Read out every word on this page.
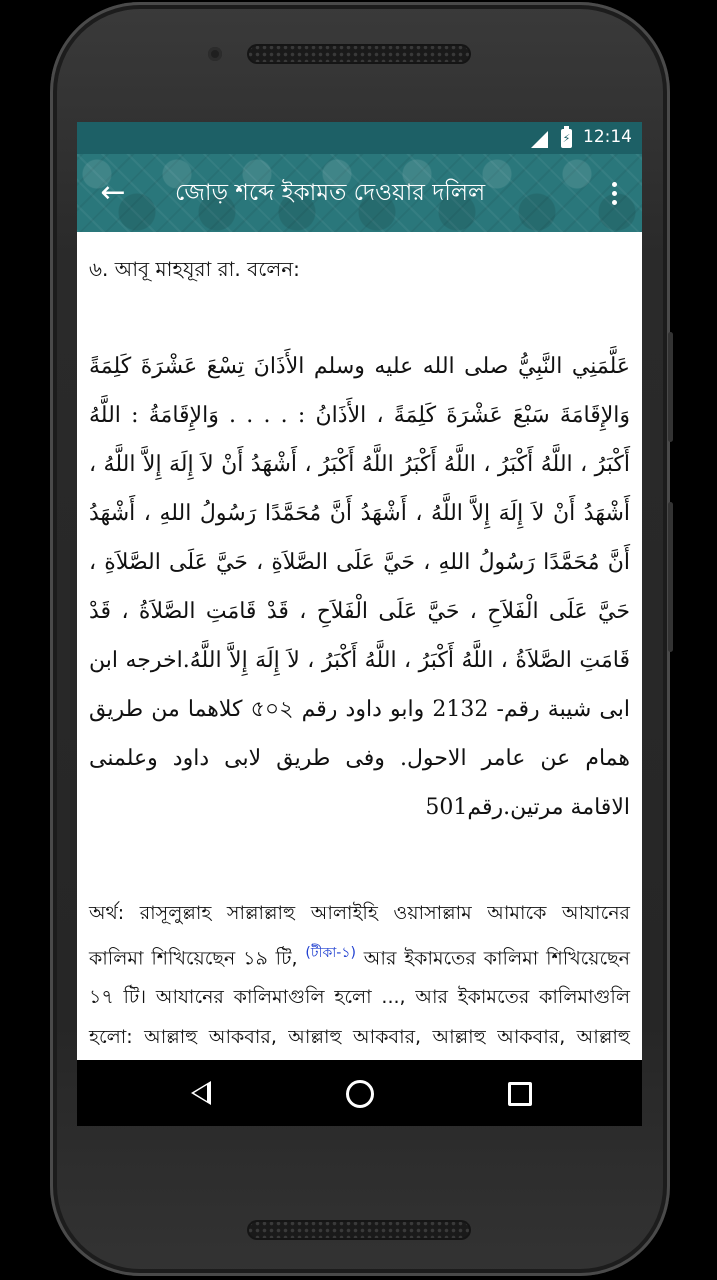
⚡
12:14
←	জোড় শব্দে ইকামত দেওয়ার দলিল
৬. আবূ মাহযূরা রা. বলেন:
عَلَّمَنِي النَّبِيُّ صلى الله عليه وسلم الأَذَانَ تِسْعَ عَشْرَةَ كَلِمَةً وَالإِقَامَةَ سَبْعَ عَشْرَةَ كَلِمَةً ، الأَذَانُ : . . . . وَالإِقَامَةُ : اللَّهُ أَكْبَرُ ، اللَّهُ أَكْبَرُ ، اللَّهُ أَكْبَرُ اللَّهُ أَكْبَرُ ، أَشْهَدُ أَنْ لاَ إِلَهَ إِلاَّ اللَّهُ ، أَشْهَدُ أَنْ لاَ إِلَهَ إِلاَّ اللَّهُ ، أَشْهَدُ أَنَّ مُحَمَّدًا رَسُولُ اللهِ ، أَشْهَدُ أَنَّ مُحَمَّدًا رَسُولُ اللهِ ، حَيَّ عَلَى الصَّلاَةِ ، حَيَّ عَلَى الصَّلاَةِ ، حَيَّ عَلَى الْفَلاَحِ ، حَيَّ عَلَى الْفَلاَحِ ، قَدْ قَامَتِ الصَّلاَةُ ، قَدْ قَامَتِ الصَّلاَةُ ، اللَّهُ أَكْبَرُ ، اللَّهُ أَكْبَرُ ، لاَ إِلَهَ إِلاَّ اللَّهُ.اخرجه ابن ابى شيبة رقم- 2132 وابو داود رقم ৫০২ كلاهما من طريق همام عن عامر الاحول. وفى طريق لابى داود وعلمنى الاقامة مرتين.رقم501
অর্থ: রাসূলুল্লাহ সাল্লাল্লাহু আলাইহি ওয়াসাল্লাম আমাকে আযানের কালিমা শিখিয়েছেন ১৯ টি, $^{(টীকা-১)}$ আর ইকামতের কালিমা শিখিয়েছেন ১৭ টি। আযানের কালিমাগুলি হলো ..., আর ইকামতের কালিমাগুলি হলো: আল্লাহু আকবার, আল্লাহু আকবার, আল্লাহু আকবার, আল্লাহু
